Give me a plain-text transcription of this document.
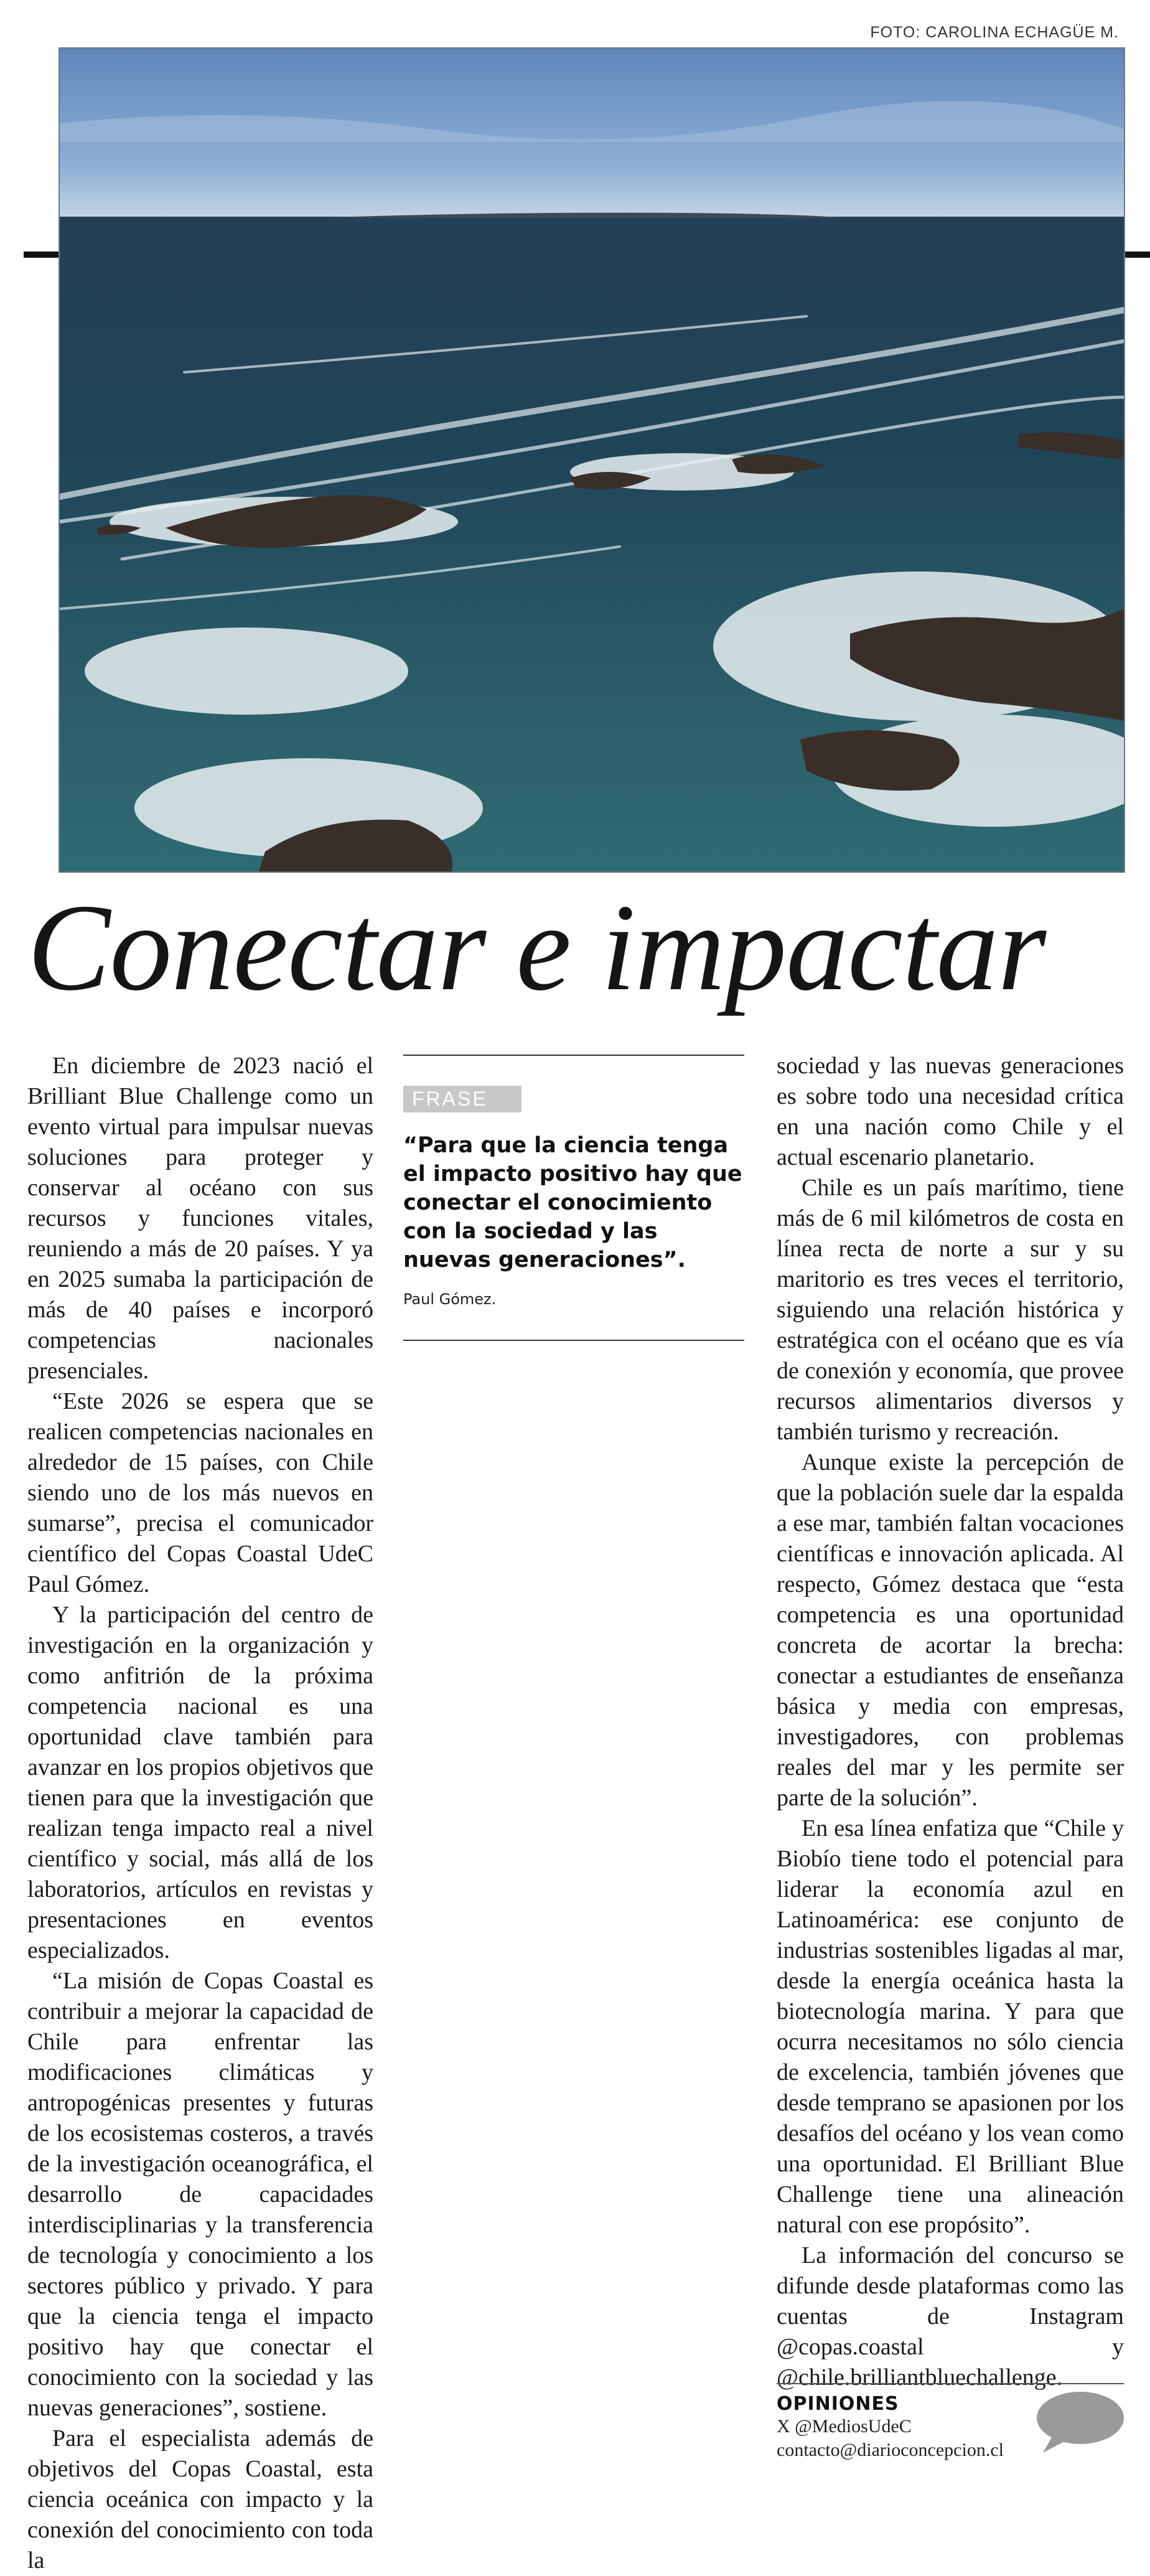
FOTO: CAROLINA ECHAGÜE M.
Conectar e impactar

En diciembre de 2023 nació el Brilliant Blue Challenge como un evento virtual para impulsar nuevas soluciones para proteger y conservar al océano con sus recursos y funciones vitales, reuniendo a más de 20 países. Y ya en 2025 sumaba la participación de más de 40 países e incorporó competencias nacionales presenciales.

“Este 2026 se espera que se realicen competencias nacionales en alrededor de 15 países, con Chile siendo uno de los más nuevos en sumarse”, precisa el comunicador científico del Copas Coastal UdeC Paul Gómez.

Y la participación del centro de investigación en la organización y como anfitrión de la próxima competencia nacional es una oportunidad clave también para avanzar en los propios objetivos que tienen para que la investigación que realizan tenga impacto real a nivel científico y social, más allá de los laboratorios, artículos en revistas y presentaciones en eventos especializados.

“La misión de Copas Coastal es contribuir a mejorar la capacidad de Chile para enfrentar las modificaciones climáticas y antropogénicas presentes y futuras de los ecosistemas costeros, a través de la investigación oceanográfica, el desarrollo de capacidades interdisciplinarias y la transferencia de tecnología y conocimiento a los sectores público y privado. Y para que la ciencia tenga el impacto positivo hay que conectar el conocimiento con la sociedad y las nuevas generaciones”, sostiene.

Para el especialista además de objetivos del Copas Coastal, esta ciencia oceánica con impacto y la conexión del conocimiento con toda la

FRASE

“Para que la ciencia tenga el impacto positivo hay que conectar el conocimiento con la sociedad y las nuevas generaciones”.

Paul Gómez.

sociedad y las nuevas generaciones es sobre todo una necesidad crítica en una nación como Chile y el actual escenario planetario.

Chile es un país marítimo, tiene más de 6 mil kilómetros de costa en línea recta de norte a sur y su maritorio es tres veces el territorio, siguiendo una relación histórica y estratégica con el océano que es vía de conexión y economía, que provee recursos alimentarios diversos y también turismo y recreación.

Aunque existe la percepción de que la población suele dar la espalda a ese mar, también faltan vocaciones científicas e innovación aplicada. Al respecto, Gómez destaca que “esta competencia es una oportunidad concreta de acortar la brecha: conectar a estudiantes de enseñanza básica y media con empresas, investigadores, con problemas reales del mar y les permite ser parte de la solución”.

En esa línea enfatiza que “Chile y Biobío tiene todo el potencial para liderar la economía azul en Latinoamérica: ese conjunto de industrias sostenibles ligadas al mar, desde la energía oceánica hasta la biotecnología marina. Y para que ocurra necesitamos no sólo ciencia de excelencia, también jóvenes que desde temprano se apasionen por los desafíos del océano y los vean como una oportunidad. El Brilliant Blue Challenge tiene una alineación natural con ese propósito”.

La información del concurso se difunde desde plataformas como las cuentas de Instagram @copas.coastal y @chile.brilliantbluechallenge.

OPINIONES
X @MediosUdeC
contacto@diarioconcepcion.cl
